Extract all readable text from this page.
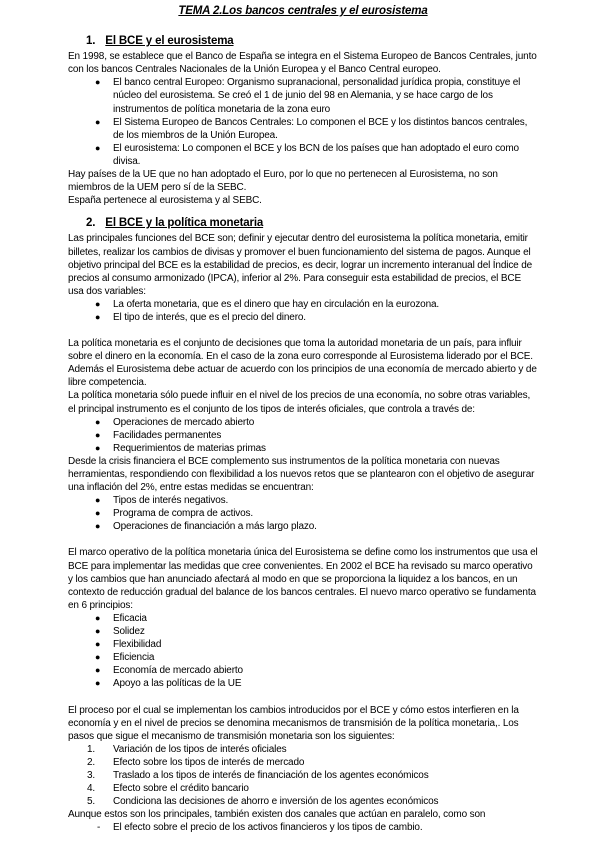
TEMA 2.Los bancos centrales y el eurosistema
1. El BCE y el eurosistema

En 1998, se establece que el Banco de España se integra en el Sistema Europeo de Bancos Centrales, junto con los bancos Centrales Nacionales de la Unión Europea y el Banco Central europeo.

● El banco central Europeo: Organismo supranacional, personalidad jurídica propia, constituye el núcleo del eurosistema. Se creó el 1 de junio del 98 en Alemania, y se hace cargo de los instrumentos de política monetaria de la zona euro
● El Sistema Europeo de Bancos Centrales: Lo componen el BCE y los distintos bancos centrales, de los miembros de la Unión Europea.
● El eurosistema: Lo componen el BCE y los BCN de los países que han adoptado el euro como divisa.

Hay países de la UE que no han adoptado el Euro, por lo que no pertenecen al Eurosistema, no son miembros de la UEM pero sí de la SEBC.

España pertenece al eurosistema y al SEBC.

2. El BCE y la política monetaria

Las principales funciones del BCE son; definir y ejecutar dentro del eurosistema la política monetaria, emitir billetes, realizar los cambios de divisas y promover el buen funcionamiento del sistema de pagos. Aunque el objetivo principal del BCE es la estabilidad de precios, es decir, lograr un incremento interanual del Índice de precios al consumo armonizado (IPCA), inferior al 2%. Para conseguir esta estabilidad de precios, el BCE usa dos variables:

● La oferta monetaria, que es el dinero que hay en circulación en la eurozona.
● El tipo de interés, que es el precio del dinero.

La política monetaria es el conjunto de decisiones que toma la autoridad monetaria de un país, para influir sobre el dinero en la economía. En el caso de la zona euro corresponde al Eurosistema liderado por el BCE. Además el Eurosistema debe actuar de acuerdo con los principios de una economía de mercado abierto y de libre competencia.

La política monetaria sólo puede influir en el nivel de los precios de una economía, no sobre otras variables, el principal instrumento es el conjunto de los tipos de interés oficiales, que controla a través de:

● Operaciones de mercado abierto
● Facilidades permanentes
● Requerimientos de materias primas

Desde la crisis financiera el BCE complemento sus instrumentos de la política monetaria con nuevas herramientas, respondiendo con flexibilidad a los nuevos retos que se plantearon con el objetivo de asegurar una inflación del 2%, entre estas medidas se encuentran:

● Tipos de interés negativos.
● Programa de compra de activos.
● Operaciones de financiación a más largo plazo.

El marco operativo de la política monetaria única del Eurosistema se define como los instrumentos que usa el BCE para implementar las medidas que cree convenientes. En 2002 el BCE ha revisado su marco operativo y los cambios que han anunciado afectará al modo en que se proporciona la liquidez a los bancos, en un contexto de reducción gradual del balance de los bancos centrales. El nuevo marco operativo se fundamenta en 6 principios:

● Eficacia
● Solidez
● Flexibilidad
● Eficiencia
● Economía de mercado abierto
● Apoyo a las políticas de la UE

El proceso por el cual se implementan los cambios introducidos por el BCE y cómo estos interfieren en la economía y en el nivel de precios se denomina mecanismos de transmisión de la política monetaria,. Los pasos que sigue el mecanismo de transmisión monetaria son los siguientes:

1. Variación de los tipos de interés oficiales
2. Efecto sobre los tipos de interés de mercado
3. Traslado a los tipos de interés de financiación de los agentes económicos
4. Efecto sobre el crédito bancario
5. Condiciona las decisiones de ahorro e inversión de los agentes económicos

Aunque estos son los principales, también existen dos canales que actúan en paralelo, como son

- El efecto sobre el precio de los activos financieros y los tipos de cambio.
